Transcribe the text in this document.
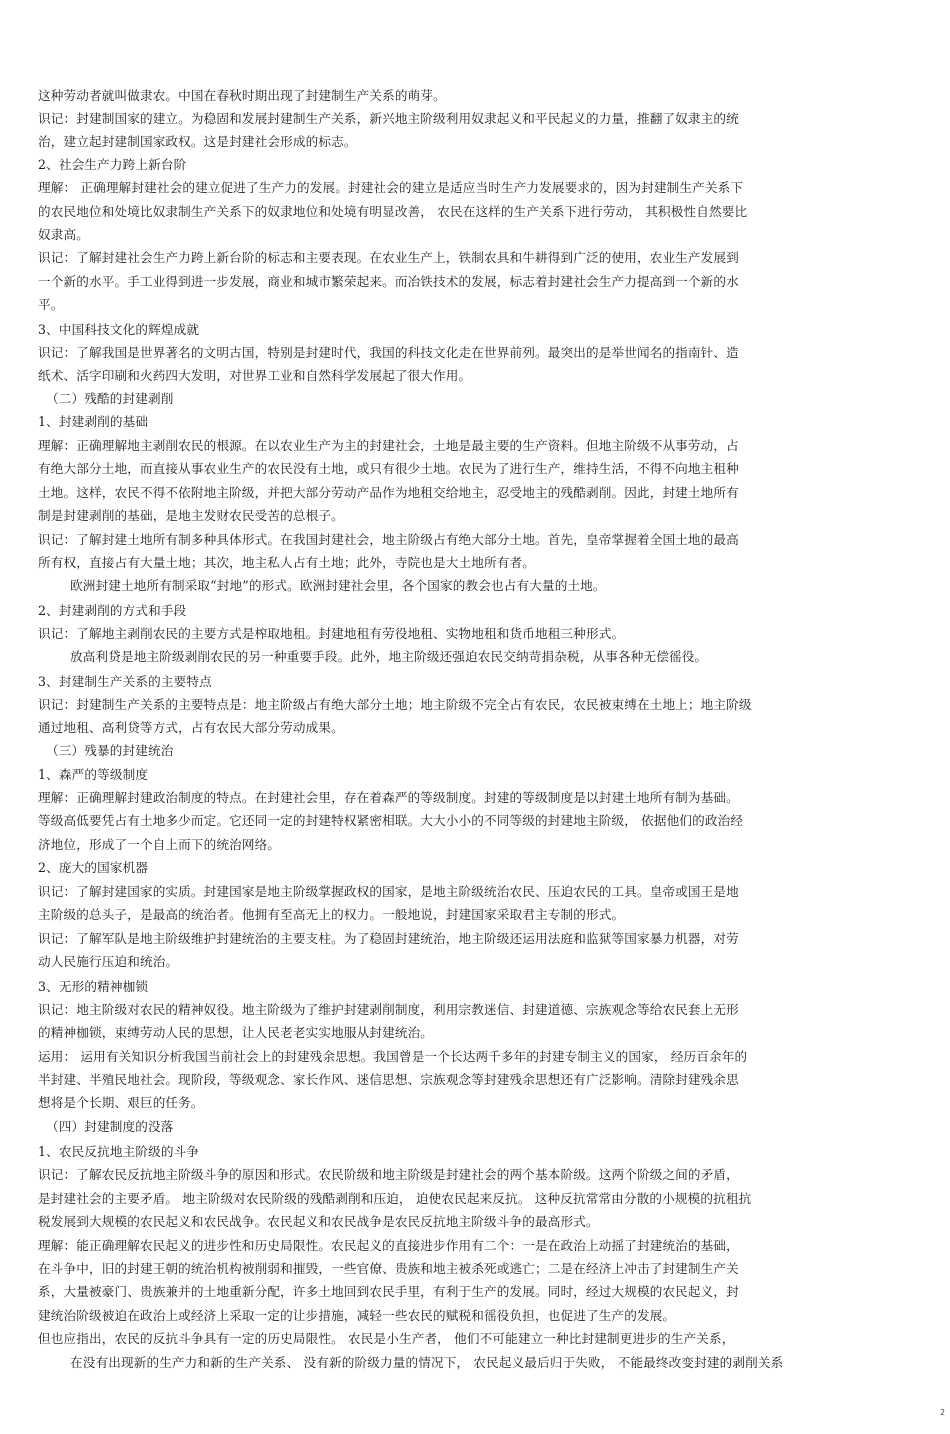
这种劳动者就叫做隶农。中国在春秋时期出现了封建制生产关系的萌芽。
识记：封建制国家的建立。为稳固和发展封建制生产关系，新兴地主阶级利用奴隶起义和平民起义的力量，推翻了奴隶主的统
治，建立起封建制国家政权。这是封建社会形成的标志。
2、社会生产力跨上新台阶
理解： 正确理解封建社会的建立促进了生产力的发展。封建社会的建立是适应当时生产力发展要求的，因为封建制生产关系下
的农民地位和处境比奴隶制生产关系下的奴隶地位和处境有明显改善， 农民在这样的生产关系下进行劳动， 其积极性自然要比
奴隶高。
识记：了解封建社会生产力跨上新台阶的标志和主要表现。在农业生产上，铁制农具和牛耕得到广泛的使用，农业生产发展到
一个新的水平。手工业得到进一步发展，商业和城市繁荣起来。而冶铁技术的发展，标志着封建社会生产力提高到一个新的水
平。
3、中国科技文化的辉煌成就
识记：了解我国是世界著名的文明古国，特别是封建时代，我国的科技文化走在世界前列。最突出的是举世闻名的指南针、造
纸术、活字印刷和火药四大发明，对世界工业和自然科学发展起了很大作用。
（二）残酷的封建剥削
1、封建剥削的基础
理解：正确理解地主剥削农民的根源。在以农业生产为主的封建社会，土地是最主要的生产资料。但地主阶级不从事劳动，占
有绝大部分土地，而直接从事农业生产的农民没有土地，或只有很少土地。农民为了进行生产，维持生活，不得不向地主租种
土地。这样，农民不得不依附地主阶级，并把大部分劳动产品作为地租交给地主，忍受地主的残酷剥削。因此，封建土地所有
制是封建剥削的基础，是地主发财农民受苦的总根子。
识记：了解封建土地所有制多种具体形式。在我国封建社会，地主阶级占有绝大部分土地。首先，皇帝掌握着全国土地的最高
所有权，直接占有大量土地；其次，地主私人占有土地；此外，寺院也是大土地所有者。
欧洲封建土地所有制采取“封地”的形式。欧洲封建社会里，各个国家的教会也占有大量的土地。
2、封建剥削的方式和手段
识记：了解地主剥削农民的主要方式是榨取地租。封建地租有劳役地租、实物地租和货币地租三种形式。
放高利贷是地主阶级剥削农民的另一种重要手段。此外，地主阶级还强迫农民交纳苛捐杂税，从事各种无偿徭役。
3、封建制生产关系的主要特点
识记：封建制生产关系的主要特点是：地主阶级占有绝大部分土地；地主阶级不完全占有农民，农民被束缚在土地上；地主阶级
通过地租、高利贷等方式，占有农民大部分劳动成果。
（三）残暴的封建统治
1、森严的等级制度
理解：正确理解封建政治制度的特点。在封建社会里，存在着森严的等级制度。封建的等级制度是以封建土地所有制为基础。
等级高低要凭占有土地多少而定。它还同一定的封建特权紧密相联。大大小小的不同等级的封建地主阶级， 依据他们的政治经
济地位，形成了一个自上而下的统治网络。
2、庞大的国家机器
识记：了解封建国家的实质。封建国家是地主阶级掌握政权的国家，是地主阶级统治农民、压迫农民的工具。皇帝或国王是地
主阶级的总头子，是最高的统治者。他拥有至高无上的权力。一般地说，封建国家采取君主专制的形式。
识记：了解军队是地主阶级维护封建统治的主要支柱。为了稳固封建统治，地主阶级还运用法庭和监狱等国家暴力机器，对劳
动人民施行压迫和统治。
3、无形的精神枷锁
识记：地主阶级对农民的精神奴役。地主阶级为了维护封建剥削制度，利用宗教迷信、封建道德、宗族观念等给农民套上无形
的精神枷锁，束缚劳动人民的思想，让人民老老实实地服从封建统治。
运用： 运用有关知识分析我国当前社会上的封建残余思想。我国曾是一个长达两千多年的封建专制主义的国家， 经历百余年的
半封建、半殖民地社会。现阶段，等级观念、家长作风、迷信思想、宗族观念等封建残余思想还有广泛影响。清除封建残余思
想将是个长期、艰巨的任务。
（四）封建制度的没落
1、农民反抗地主阶级的斗争
识记：了解农民反抗地主阶级斗争的原因和形式。农民阶级和地主阶级是封建社会的两个基本阶级。这两个阶级之间的矛盾，
是封建社会的主要矛盾。 地主阶级对农民阶级的残酷剥削和压迫， 迫使农民起来反抗。 这种反抗常常由分散的小规模的抗租抗
税发展到大规模的农民起义和农民战争。农民起义和农民战争是农民反抗地主阶级斗争的最高形式。
理解：能正确理解农民起义的进步性和历史局限性。农民起义的直接进步作用有二个：一是在政治上动摇了封建统治的基础，
在斗争中，旧的封建王朝的统治机构被削弱和摧毁，一些官僚、贵族和地主被杀死或逃亡；二是在经济上冲击了封建制生产关
系，大量被豪门、贵族兼并的土地重新分配，许多土地回到农民手里，有利于生产的发展。同时，经过大规模的农民起义，封
建统治阶级被迫在政治上或经济上采取一定的让步措施，减轻一些农民的赋税和徭役负担，也促进了生产的发展。
但也应指出，农民的反抗斗争具有一定的历史局限性。 农民是小生产者， 他们不可能建立一种比封建制更进步的生产关系，
在没有出现新的生产力和新的生产关系、 没有新的阶级力量的情况下， 农民起义最后归于失败， 不能最终改变封建的剥削关系
2
